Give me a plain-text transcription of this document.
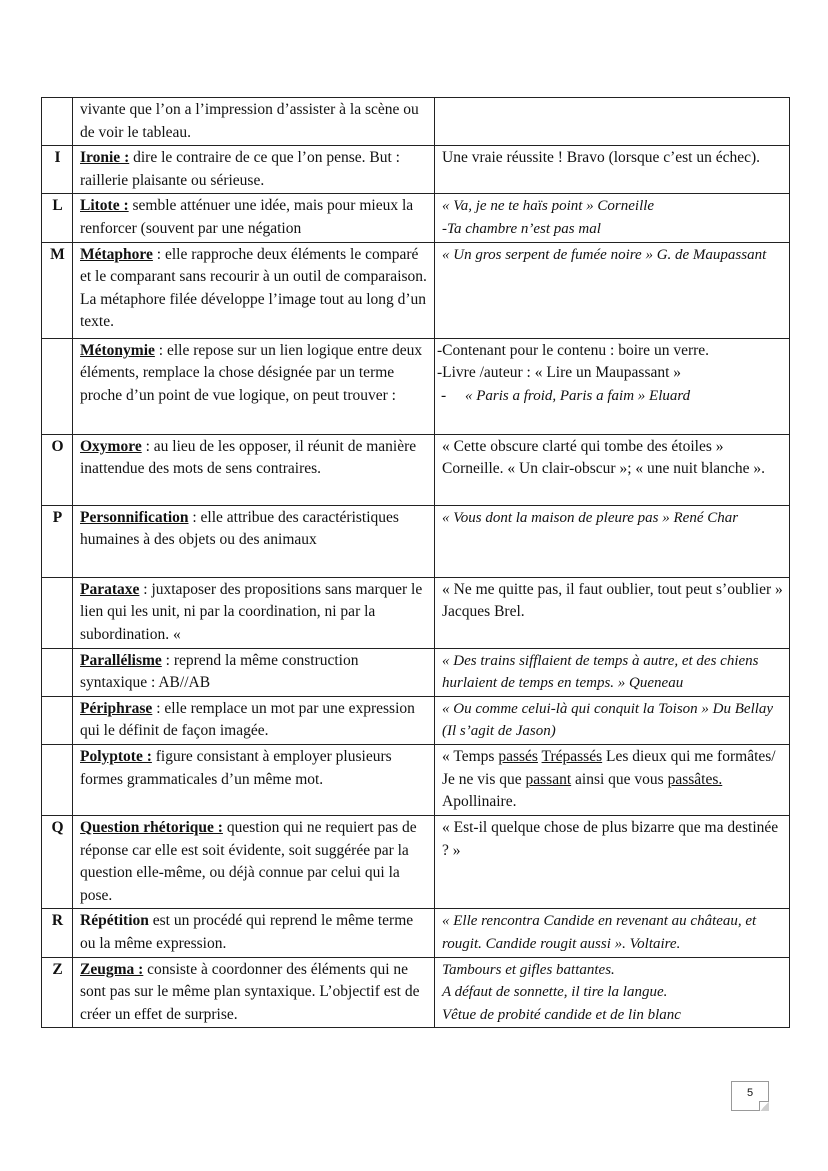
	vivante que l’on a l’impression d’assister à la scène ou de voir le tableau.	
I	Ironie : dire le contraire de ce que l’on pense. But : raillerie plaisante ou sérieuse.	Une vraie réussite ! Bravo (lorsque c’est un échec).
L	Litote : semble atténuer une idée, mais pour mieux la renforcer (souvent par une négation	« Va, je ne te haïs point » Corneille
-Ta chambre n’est pas mal

M	Métaphore : elle rapproche deux éléments le comparé et le comparant sans recourir à un outil de comparaison. La métaphore filée développe l’image tout au long d’un texte.	« Un gros serpent de fumée noire » G. de Maupassant
	Métonymie : elle repose sur un lien logique entre deux éléments, remplace la chose désignée par un terme proche d’un point de vue logique, on peut trouver :	-Contenant pour le contenu : boire un verre.
-Livre /auteur : « Lire un Maupassant »
- « Paris a froid, Paris a faim » Eluard

O	Oxymore : au lieu de les opposer, il réunit de manière inattendue des mots de sens contraires.	« Cette obscure clarté qui tombe des étoiles » Corneille. « Un clair-obscur »; « une nuit blanche ».
P	Personnification : elle attribue des caractéristiques humaines à des objets ou des animaux	« Vous dont la maison de pleure pas » René Char
	Parataxe : juxtaposer des propositions sans marquer le lien qui les unit, ni par la coordination, ni par la subordination. «	« Ne me quitte pas, il faut oublier, tout peut s’oublier » Jacques Brel.
	Parallélisme : reprend la même construction syntaxique : AB//AB	« Des trains sifflaient de temps à autre, et des chiens hurlaient de temps en temps. » Queneau
	Périphrase : elle remplace un mot par une expression qui le définit de façon imagée.	« Ou comme celui-là qui conquit la Toison » Du Bellay (Il s’agit de Jason)
	Polyptote : figure consistant à employer plusieurs formes grammaticales d’un même mot.	« Temps passés Trépassés Les dieux qui me formâtes/ Je ne vis que passant ainsi que vous passâtes. Apollinaire.
Q	Question rhétorique : question qui ne requiert pas de réponse car elle est soit évidente, soit suggérée par la question elle-même, ou déjà connue par celui qui la pose.	« Est-il quelque chose de plus bizarre que ma destinée ? »
R	Répétition est un procédé qui reprend le même terme ou la même expression.	« Elle rencontra Candide en revenant au château, et rougit. Candide rougit aussi ». Voltaire.
Z	Zeugma : consiste à coordonner des éléments qui ne sont pas sur le même plan syntaxique. L’objectif est de créer un effet de surprise.	Tambours et gifles battantes.
A défaut de sonnette, il tire la langue.
Vêtue de probité candide et de lin blanc
5
